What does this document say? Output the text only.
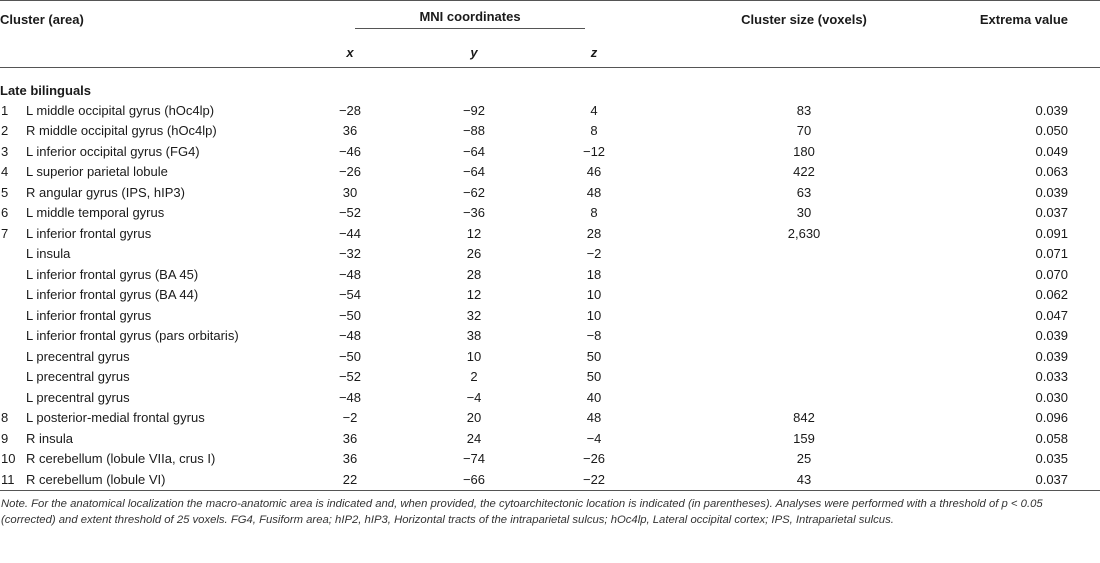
Cluster (area)		MNI coordinates			Cluster size (voxels)	Extrema value
		x	y	z		
Late bilinguals						
1	L middle occipital gyrus (hOc4lp)	−28	−92	4	83	0.039
2	R middle occipital gyrus (hOc4lp)	36	−88	8	70	0.050
3	L inferior occipital gyrus (FG4)	−46	−64	−12	180	0.049
4	L superior parietal lobule	−26	−64	46	422	0.063
5	R angular gyrus (IPS, hIP3)	30	−62	48	63	0.039
6	L middle temporal gyrus	−52	−36	8	30	0.037
7	L inferior frontal gyrus	−44	12	28	2,630	0.091
	L insula	−32	26	−2		0.071
	L inferior frontal gyrus (BA 45)	−48	28	18		0.070
	L inferior frontal gyrus (BA 44)	−54	12	10		0.062
	L inferior frontal gyrus	−50	32	10		0.047
	L inferior frontal gyrus (pars orbitaris)	−48	38	−8		0.039
	L precentral gyrus	−50	10	50		0.039
	L precentral gyrus	−52	2	50		0.033
	L precentral gyrus	−48	−4	40		0.030
8	L posterior-medial frontal gyrus	−2	20	48	842	0.096
9	R insula	36	24	−4	159	0.058
10	R cerebellum (lobule VIIa, crus I)	36	−74	−26	25	0.035
11	R cerebellum (lobule VI)	22	−66	−22	43	0.037
Note. For the anatomical localization the macro-anatomic area is indicated and, when provided, the cytoarchitectonic location is indicated (in parentheses). Analyses were performed with a threshold of p < 0.05 (corrected) and extent threshold of 25 voxels. FG4, Fusiform area; hIP2, hIP3, Horizontal tracts of the intraparietal sulcus; hOc4lp, Lateral occipital cortex; IPS, Intraparietal sulcus.
